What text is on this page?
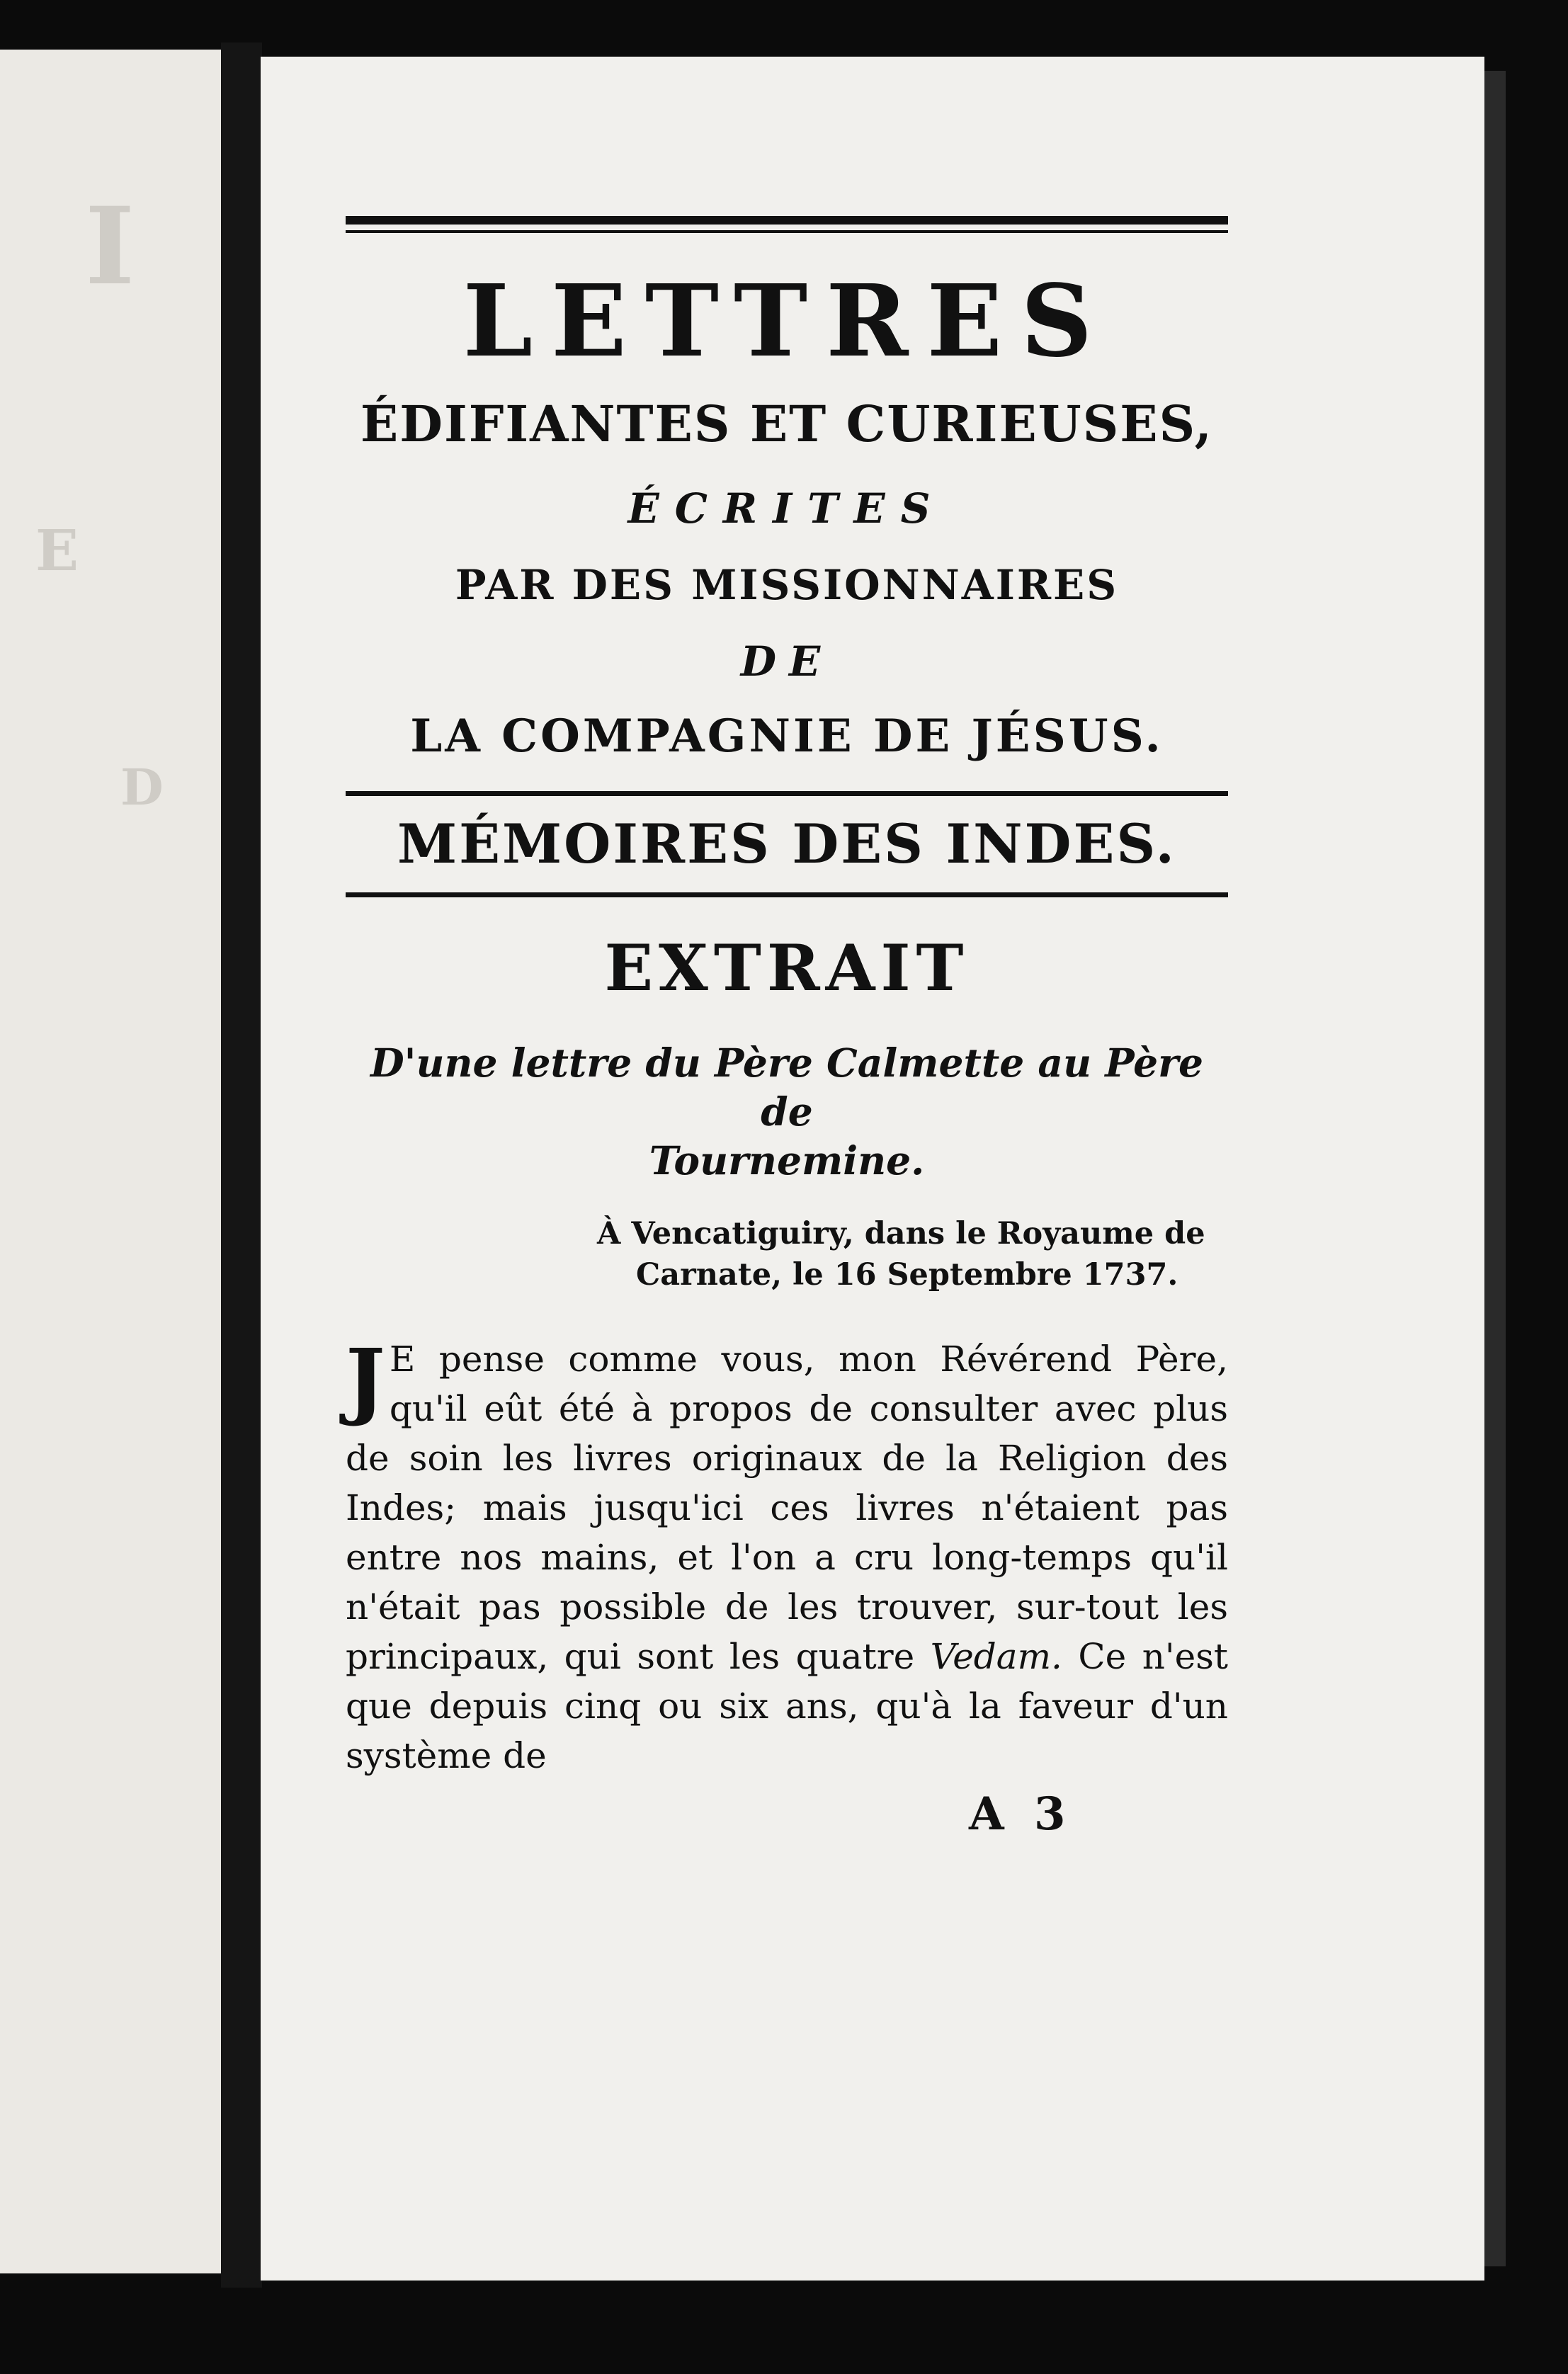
I
E
D
LETTRES
ÉDIFIANTES ET CURIEUSES,
ÉCRITES
PAR DES MISSIONNAIRES
DE
LA COMPAGNIE DE JÉSUS.
MÉMOIRES DES INDES.
EXTRAIT
D'une lettre du Père Calmette au Père de
Tournemine.
À Vencatiguiry, dans le Royaume de
Carnate, le 16 Septembre 1737.
J E pense comme vous, mon Révérend Père, qu'il eût été à propos de consulter avec plus de soin les livres originaux de la Religion des Indes; mais jusqu'ici ces livres n'étaient pas entre nos mains, et l'on a cru long-temps qu'il n'était pas possible de les trouver, sur-tout les principaux, qui sont les quatre Vedam. Ce n'est que depuis cinq ou six ans, qu'à la faveur d'un système de
A 3
